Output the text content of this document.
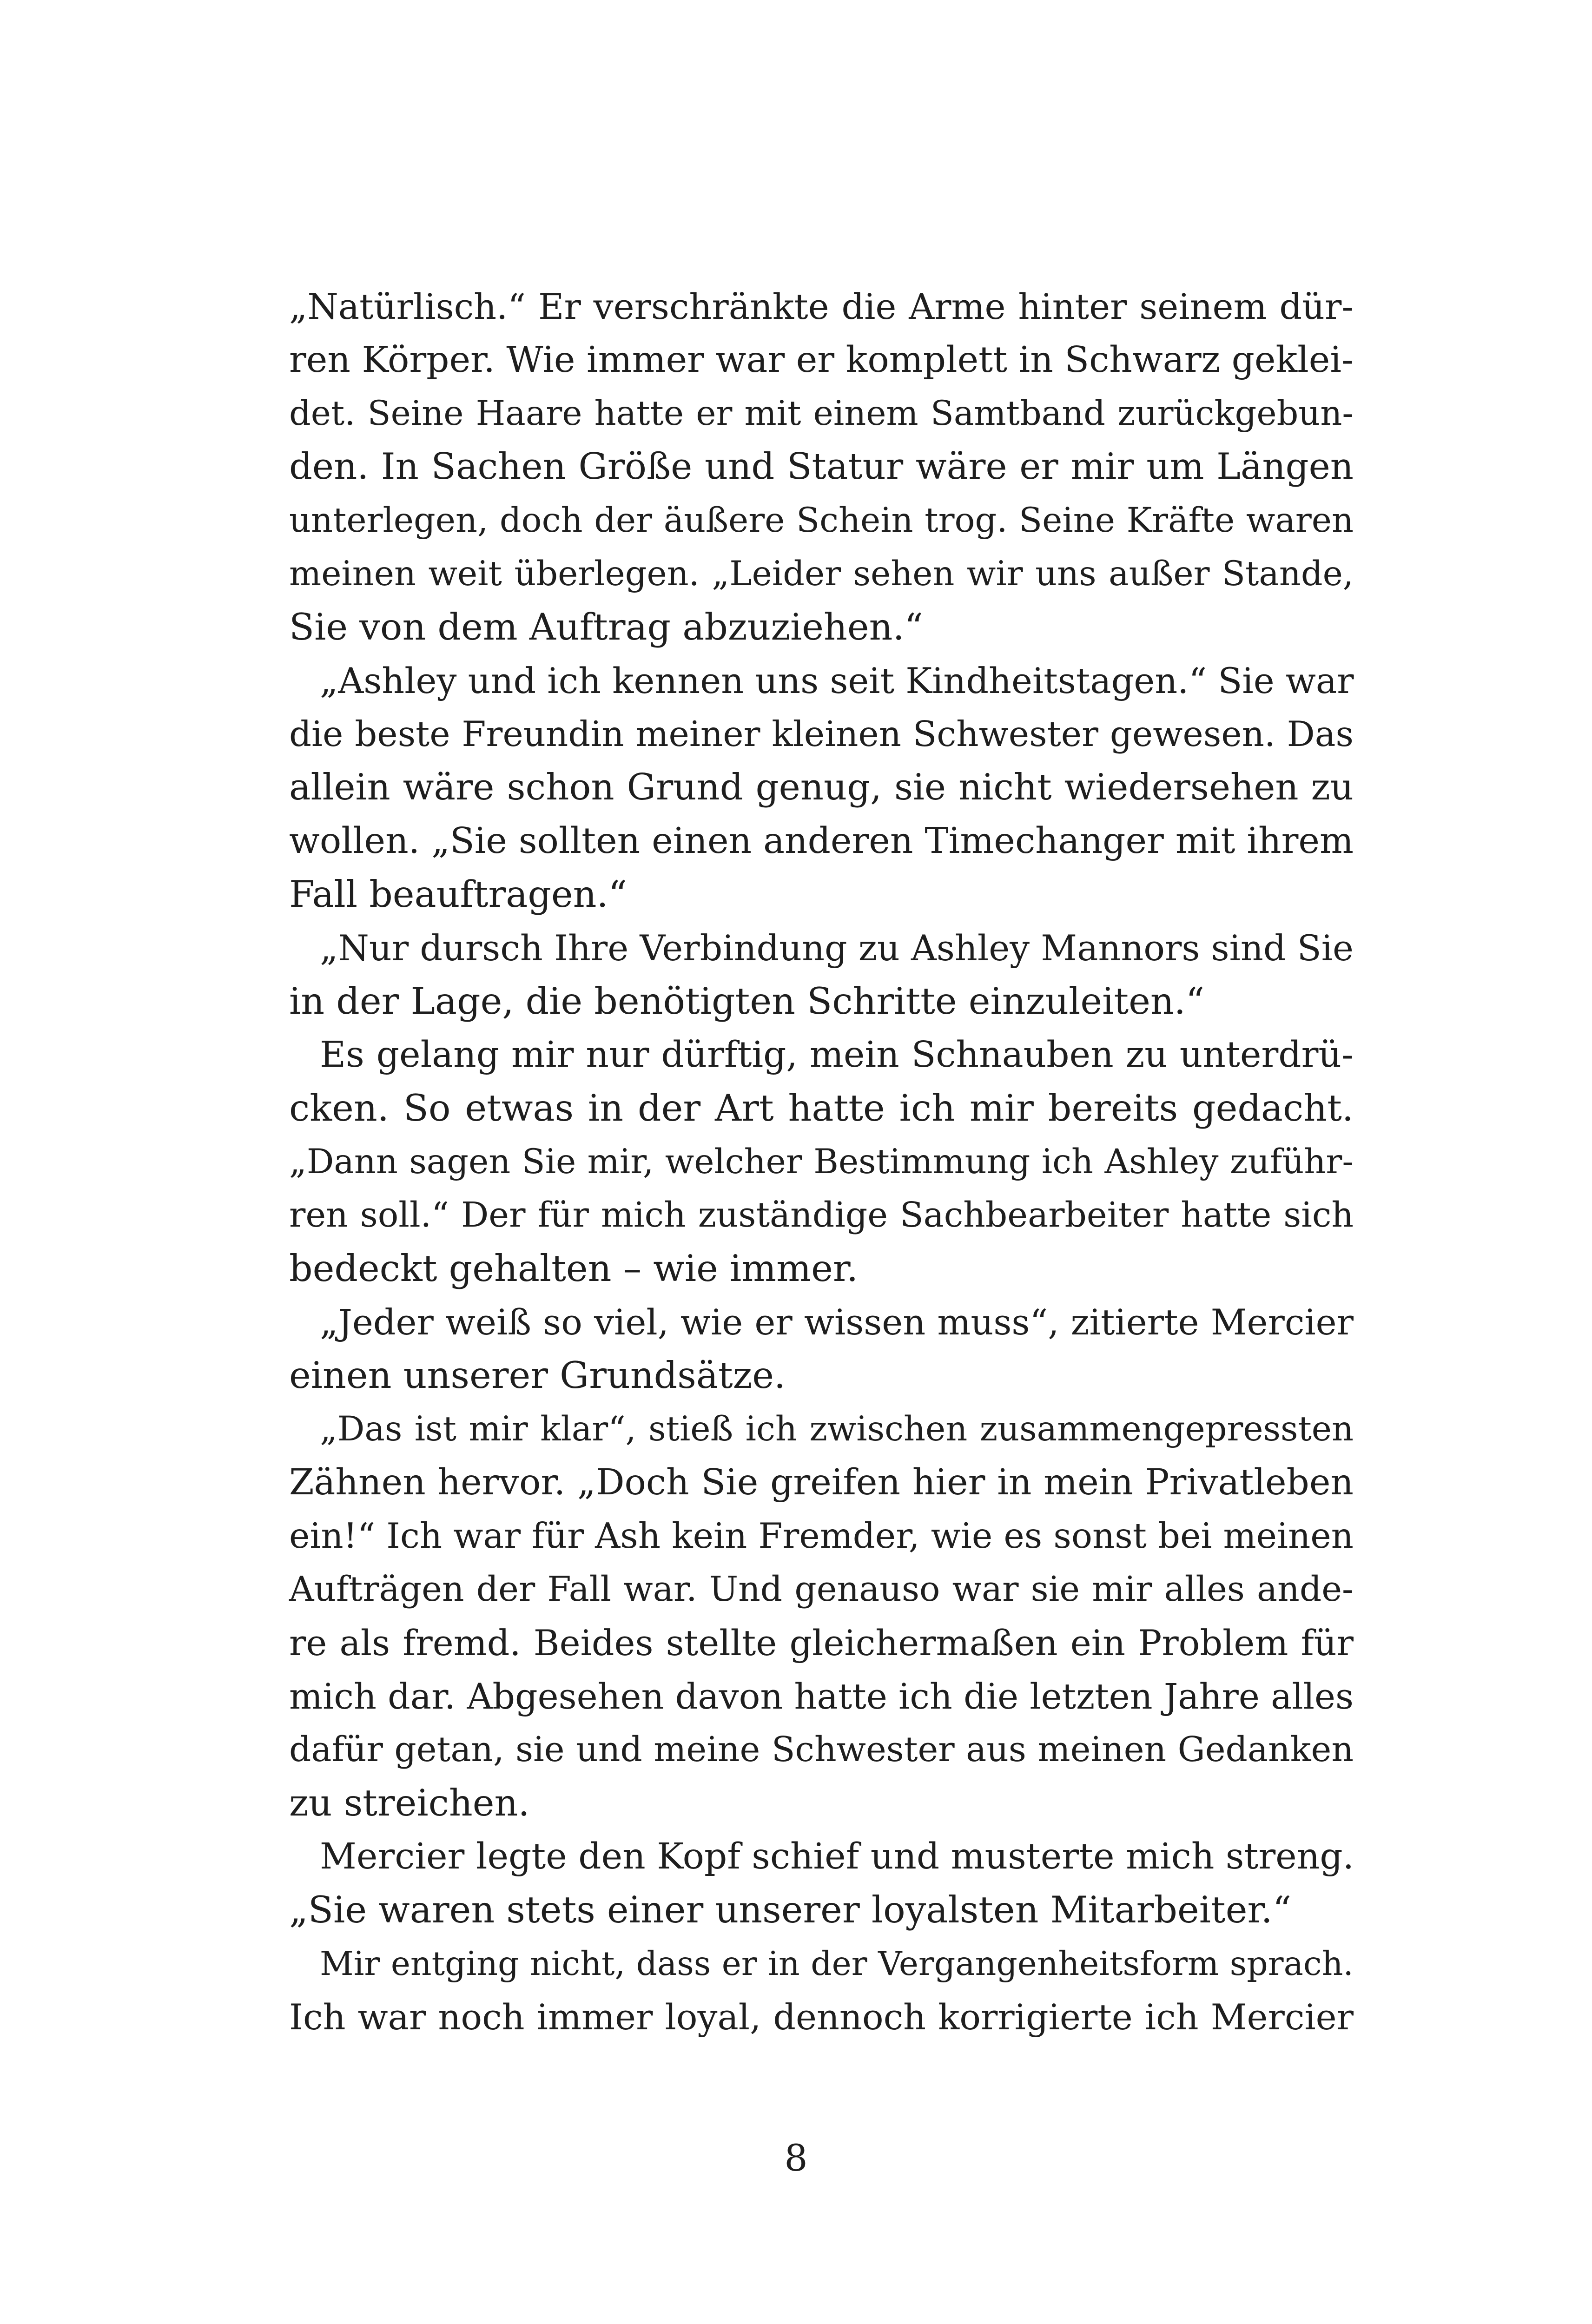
„Natürlisch.“ Er verschränkte die Arme hinter seinem dür-
ren Körper. Wie immer war er komplett in Schwarz geklei-
det. Seine Haare hatte er mit einem Samtband zurückgebun-
den. In Sachen Größe und Statur wäre er mir um Längen
unterlegen, doch der äußere Schein trog. Seine Kräfte waren
meinen weit überlegen. „Leider sehen wir uns außer Stande,
Sie von dem Auftrag abzuziehen.“
„Ashley und ich kennen uns seit Kindheitstagen.“ Sie war
die beste Freundin meiner kleinen Schwester gewesen. Das
allein wäre schon Grund genug, sie nicht wiedersehen zu
wollen. „Sie sollten einen anderen Timechanger mit ihrem
Fall beauftragen.“
„Nur dursch Ihre Verbindung zu Ashley Mannors sind Sie
in der Lage, die benötigten Schritte einzuleiten.“
Es gelang mir nur dürftig, mein Schnauben zu unterdrü-
cken. So etwas in der Art hatte ich mir bereits gedacht.
„Dann sagen Sie mir, welcher Bestimmung ich Ashley zuführ-
ren soll.“ Der für mich zuständige Sachbearbeiter hatte sich
bedeckt gehalten – wie immer.
„Jeder weiß so viel, wie er wissen muss“, zitierte Mercier
einen unserer Grundsätze.
„Das ist mir klar“, stieß ich zwischen zusammengepressten
Zähnen hervor. „Doch Sie greifen hier in mein Privatleben
ein!“ Ich war für Ash kein Fremder, wie es sonst bei meinen
Aufträgen der Fall war. Und genauso war sie mir alles ande-
re als fremd. Beides stellte gleichermaßen ein Problem für
mich dar. Abgesehen davon hatte ich die letzten Jahre alles
dafür getan, sie und meine Schwester aus meinen Gedanken
zu streichen.
Mercier legte den Kopf schief und musterte mich streng.
„Sie waren stets einer unserer loyalsten Mitarbeiter.“
Mir entging nicht, dass er in der Vergangenheitsform sprach.
Ich war noch immer loyal, dennoch korrigierte ich Mercier
8
